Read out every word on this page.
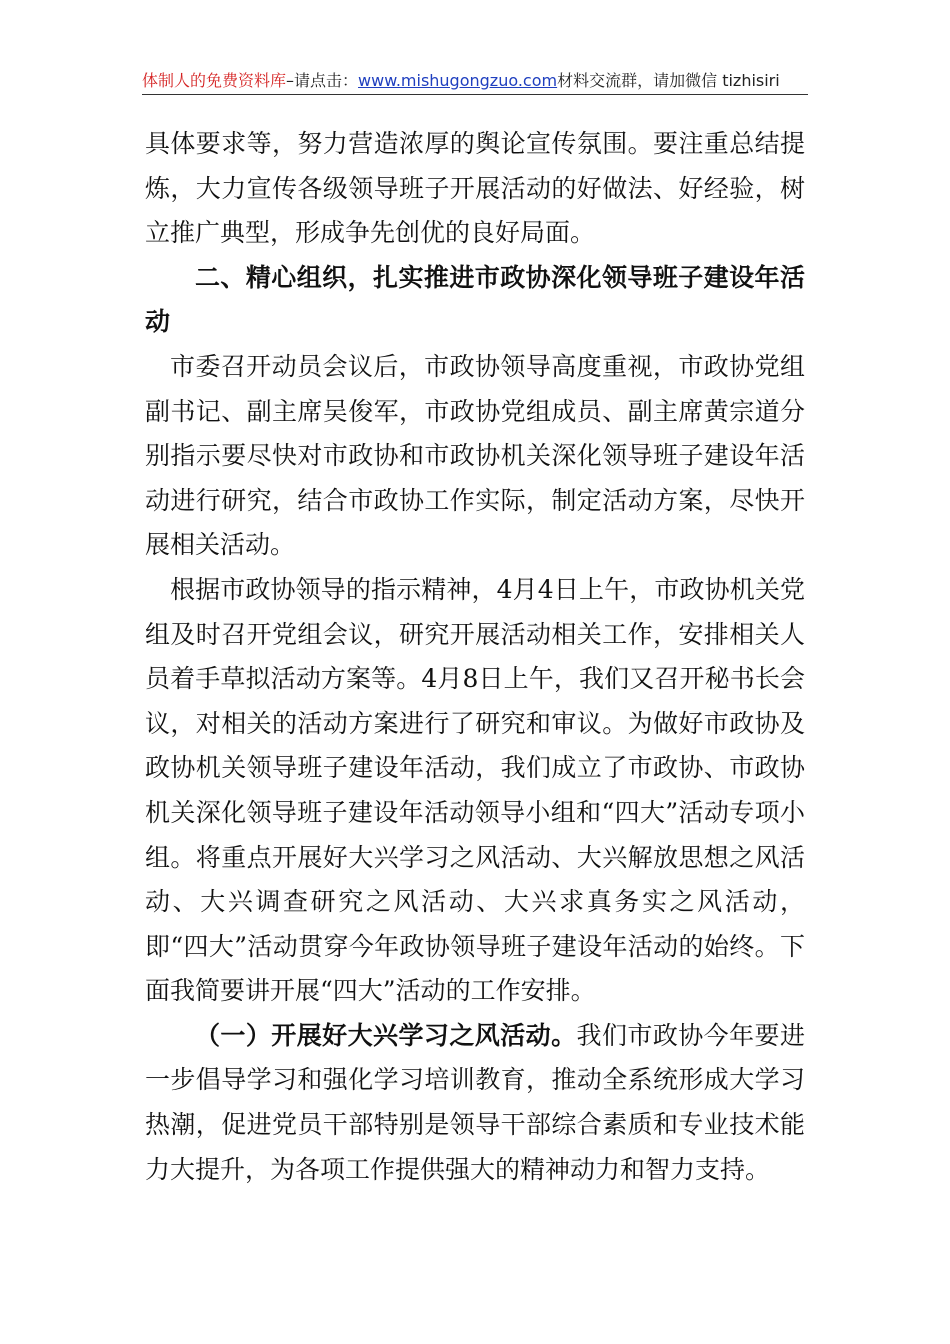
体制人的免费资料库–请点击：www.mishugongzuo.com材料交流群，请加微信 tizhisiri

具体要求等，努力营造浓厚的舆论宣传氛围。要注重总结提炼，大力宣传各级领导班子开展活动的好做法、好经验，树立推广典型，形成争先创优的良好局面。

二、精心组织，扎实推进市政协深化领导班子建设年活动

市委召开动员会议后，市政协领导高度重视，市政协党组副书记、副主席吴俊军，市政协党组成员、副主席黄宗道分别指示要尽快对市政协和市政协机关深化领导班子建设年活动进行研究，结合市政协工作实际，制定活动方案，尽快开展相关活动。

根据市政协领导的指示精神，4月4日上午，市政协机关党组及时召开党组会议，研究开展活动相关工作，安排相关人员着手草拟活动方案等。4月8日上午，我们又召开秘书长会议，对相关的活动方案进行了研究和审议。为做好市政协及政协机关领导班子建设年活动，我们成立了市政协、市政协机关深化领导班子建设年活动领导小组和“四大”活动专项小组。将重点开展好大兴学习之风活动、大兴解放思想之风活动、大兴调查研究之风活动、大兴求真务实之风活动，即“四大”活动贯穿今年政协领导班子建设年活动的始终。下面我简要讲开展“四大”活动的工作安排。

（一）开展好大兴学习之风活动。我们市政协今年要进一步倡导学习和强化学习培训教育，推动全系统形成大学习热潮，促进党员干部特别是领导干部综合素质和专业技术能力大提升，为各项工作提供强大的精神动力和智力支持。
